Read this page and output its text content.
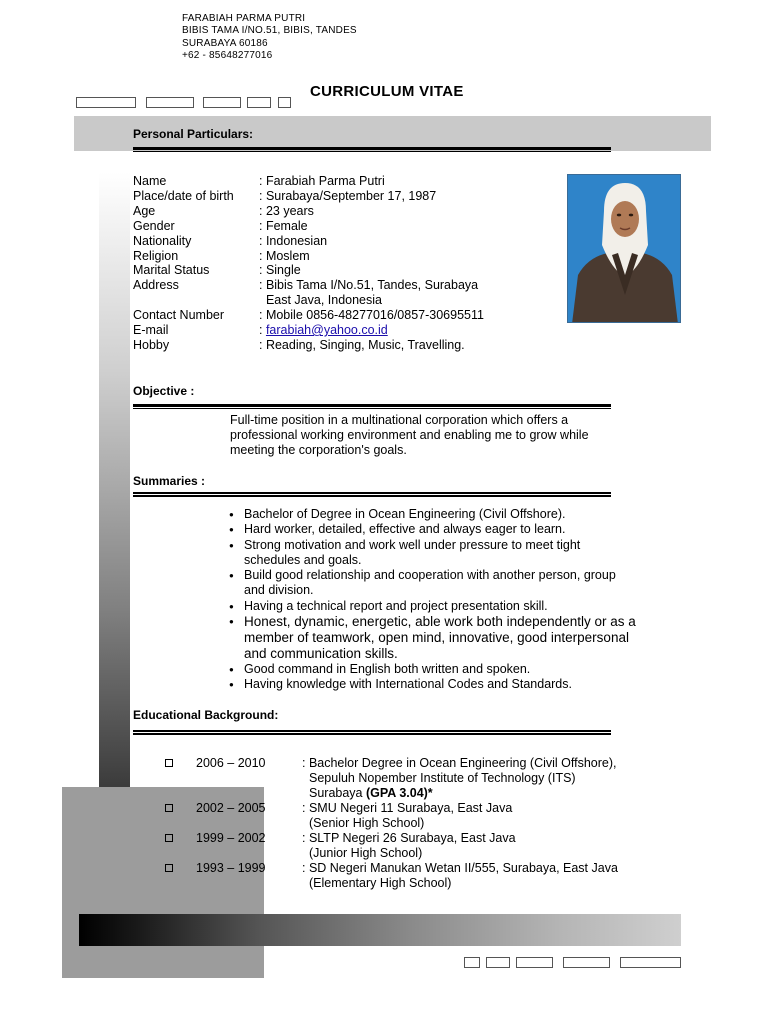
FARABIAH PARMA PUTRI
BIBIS TAMA I/NO.51, BIBIS, TANDES
SURABAYA 60186
+62 - 85648277016
CURRICULUM VITAE
Personal Particulars:
Name	: Farabiah Parma Putri
Place/date of birth	: Surabaya/September 17, 1987
Age	: 23 years
Gender	: Female
Nationality	: Indonesian
Religion	: Moslem
Marital Status	: Single
Address	: Bibis Tama I/No.51, Tandes, Surabaya
East Java, Indonesia
Contact Number	: Mobile 0856-48277016/0857-30695511
E-mail	: farabiah@yahoo.co.id
Hobby	: Reading, Singing, Music, Travelling.
Objective :
Full-time position in a multinational corporation which offers a
professional working environment and enabling me to grow while
meeting the corporation's goals.
Summaries :
● Bachelor of Degree in Ocean Engineering (Civil Offshore).
● Hard worker, detailed, effective and always eager to learn.
● Strong motivation and work well under pressure to meet tight schedules and goals.
● Build good relationship and cooperation with another person, group and division.
● Having a technical report and project presentation skill.
● Honest, dynamic, energetic, able work both independently or as a member of teamwork, open mind, innovative, good interpersonal and communication skills.
● Good command in English both written and spoken.
● Having knowledge with International Codes and Standards.
Educational Background:
2006 – 2010	: Bachelor Degree in Ocean Engineering (Civil Offshore),
Sepuluh Nopember Institute of Technology (ITS)
Surabaya (GPA 3.04)*
2002 – 2005	: SMU Negeri 11 Surabaya, East Java
(Senior High School)
1999 – 2002	: SLTP Negeri 26 Surabaya, East Java
(Junior High School)
1993 – 1999	: SD Negeri Manukan Wetan II/555, Surabaya, East Java
(Elementary High School)
